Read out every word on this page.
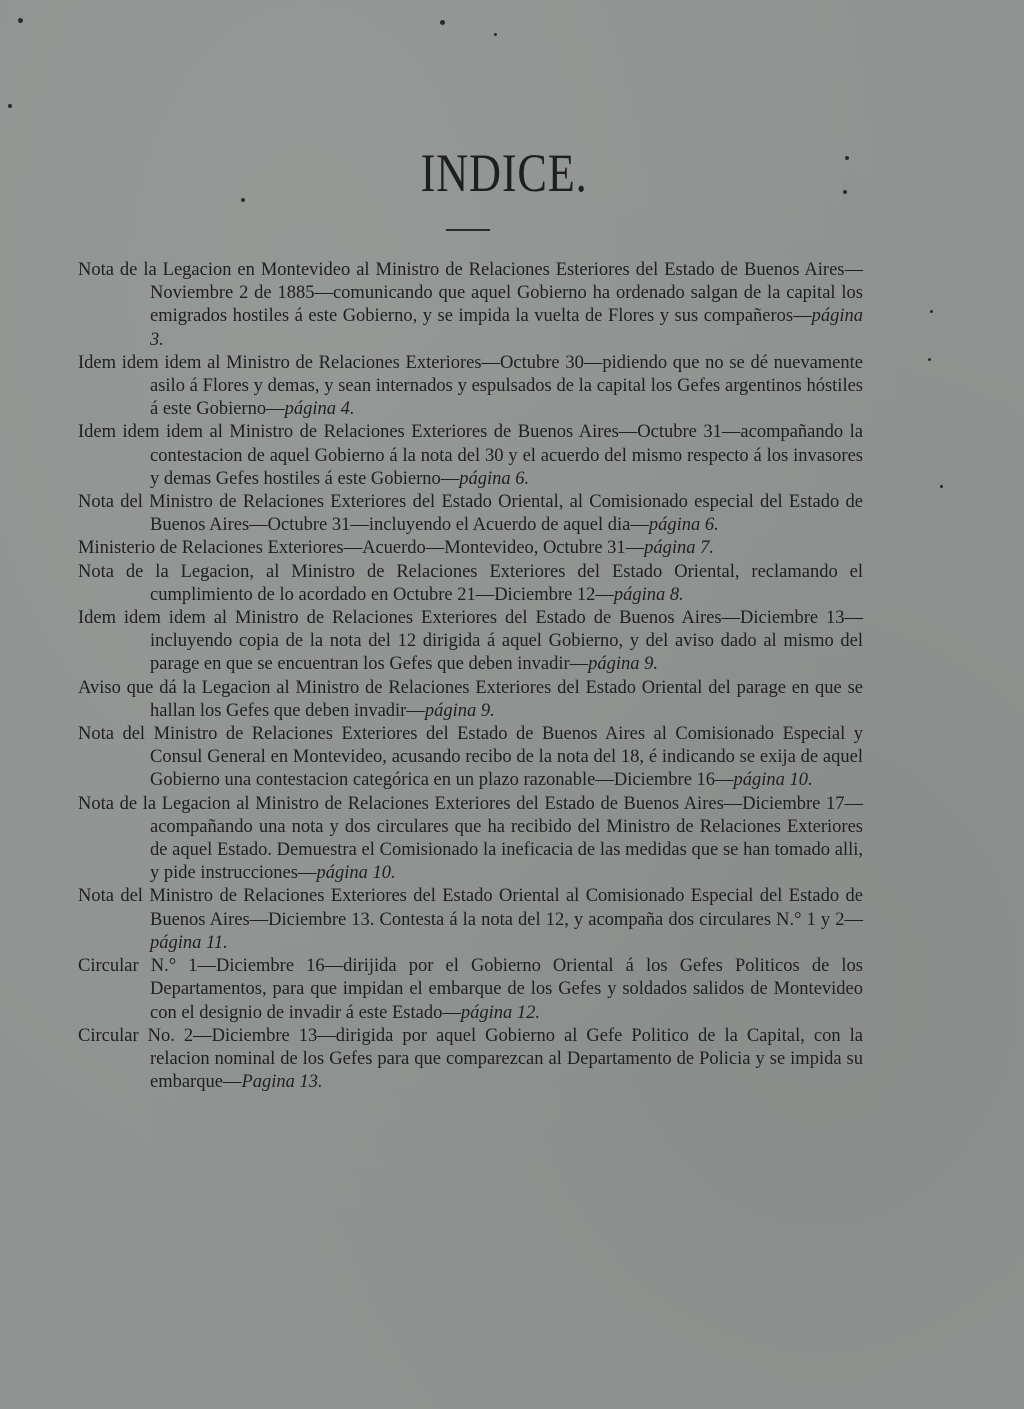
INDICE.

Nota de la Legacion en Montevideo al Ministro de Relaciones Esteriores del Estado de Buenos Aires—Noviembre 2 de 1885—comunicando que aquel Gobierno ha ordenado salgan de la capital los emigrados hostiles á este Gobierno, y se impida la vuelta de Flores y sus compañeros—página 3.

Idem idem idem al Ministro de Relaciones Exteriores—Octubre 30—pidiendo que no se dé nuevamente asilo á Flores y demas, y sean internados y espulsados de la capital los Gefes argentinos hóstiles á este Gobierno—página 4.

Idem idem idem al Ministro de Relaciones Exteriores de Buenos Aires—Octubre 31—acompañando la contestacion de aquel Gobierno á la nota del 30 y el acuerdo del mismo respecto á los invasores y demas Gefes hostiles á este Gobierno—página 6.

Nota del Ministro de Relaciones Exteriores del Estado Oriental, al Comisionado especial del Estado de Buenos Aires—Octubre 31—incluyendo el Acuerdo de aquel dia—página 6.

Ministerio de Relaciones Exteriores—Acuerdo—Montevideo, Octubre 31—página 7.

Nota de la Legacion, al Ministro de Relaciones Exteriores del Estado Oriental, reclamando el cumplimiento de lo acordado en Octubre 21—Diciembre 12—página 8.

Idem idem idem al Ministro de Relaciones Exteriores del Estado de Buenos Aires—Diciembre 13—incluyendo copia de la nota del 12 dirigida á aquel Gobierno, y del aviso dado al mismo del parage en que se encuentran los Gefes que deben invadir—página 9.

Aviso que dá la Legacion al Ministro de Relaciones Exteriores del Estado Oriental del parage en que se hallan los Gefes que deben invadir—página 9.

Nota del Ministro de Relaciones Exteriores del Estado de Buenos Aires al Comisionado Especial y Consul General en Montevideo, acusando recibo de la nota del 18, é indicando se exija de aquel Gobierno una contestacion categórica en un plazo razonable—Diciembre 16—página 10.

Nota de la Legacion al Ministro de Relaciones Exteriores del Estado de Buenos Aires—Diciembre 17—acompañando una nota y dos circulares que ha recibido del Ministro de Relaciones Exteriores de aquel Estado. Demuestra el Comisionado la ineficacia de las medidas que se han tomado alli, y pide instrucciones—página 10.

Nota del Ministro de Relaciones Exteriores del Estado Oriental al Comisionado Especial del Estado de Buenos Aires—Diciembre 13. Contesta á la nota del 12, y acompaña dos circulares N.° 1 y 2—página 11.

Circular N.° 1—Diciembre 16—dirijida por el Gobierno Oriental á los Gefes Politicos de los Departamentos, para que impidan el embarque de los Gefes y soldados salidos de Montevideo con el designio de invadir á este Estado—página 12.

Circular No. 2—Diciembre 13—dirigida por aquel Gobierno al Gefe Politico de la Capital, con la relacion nominal de los Gefes para que comparezcan al Departamento de Policia y se impida su embarque—Pagina 13.
